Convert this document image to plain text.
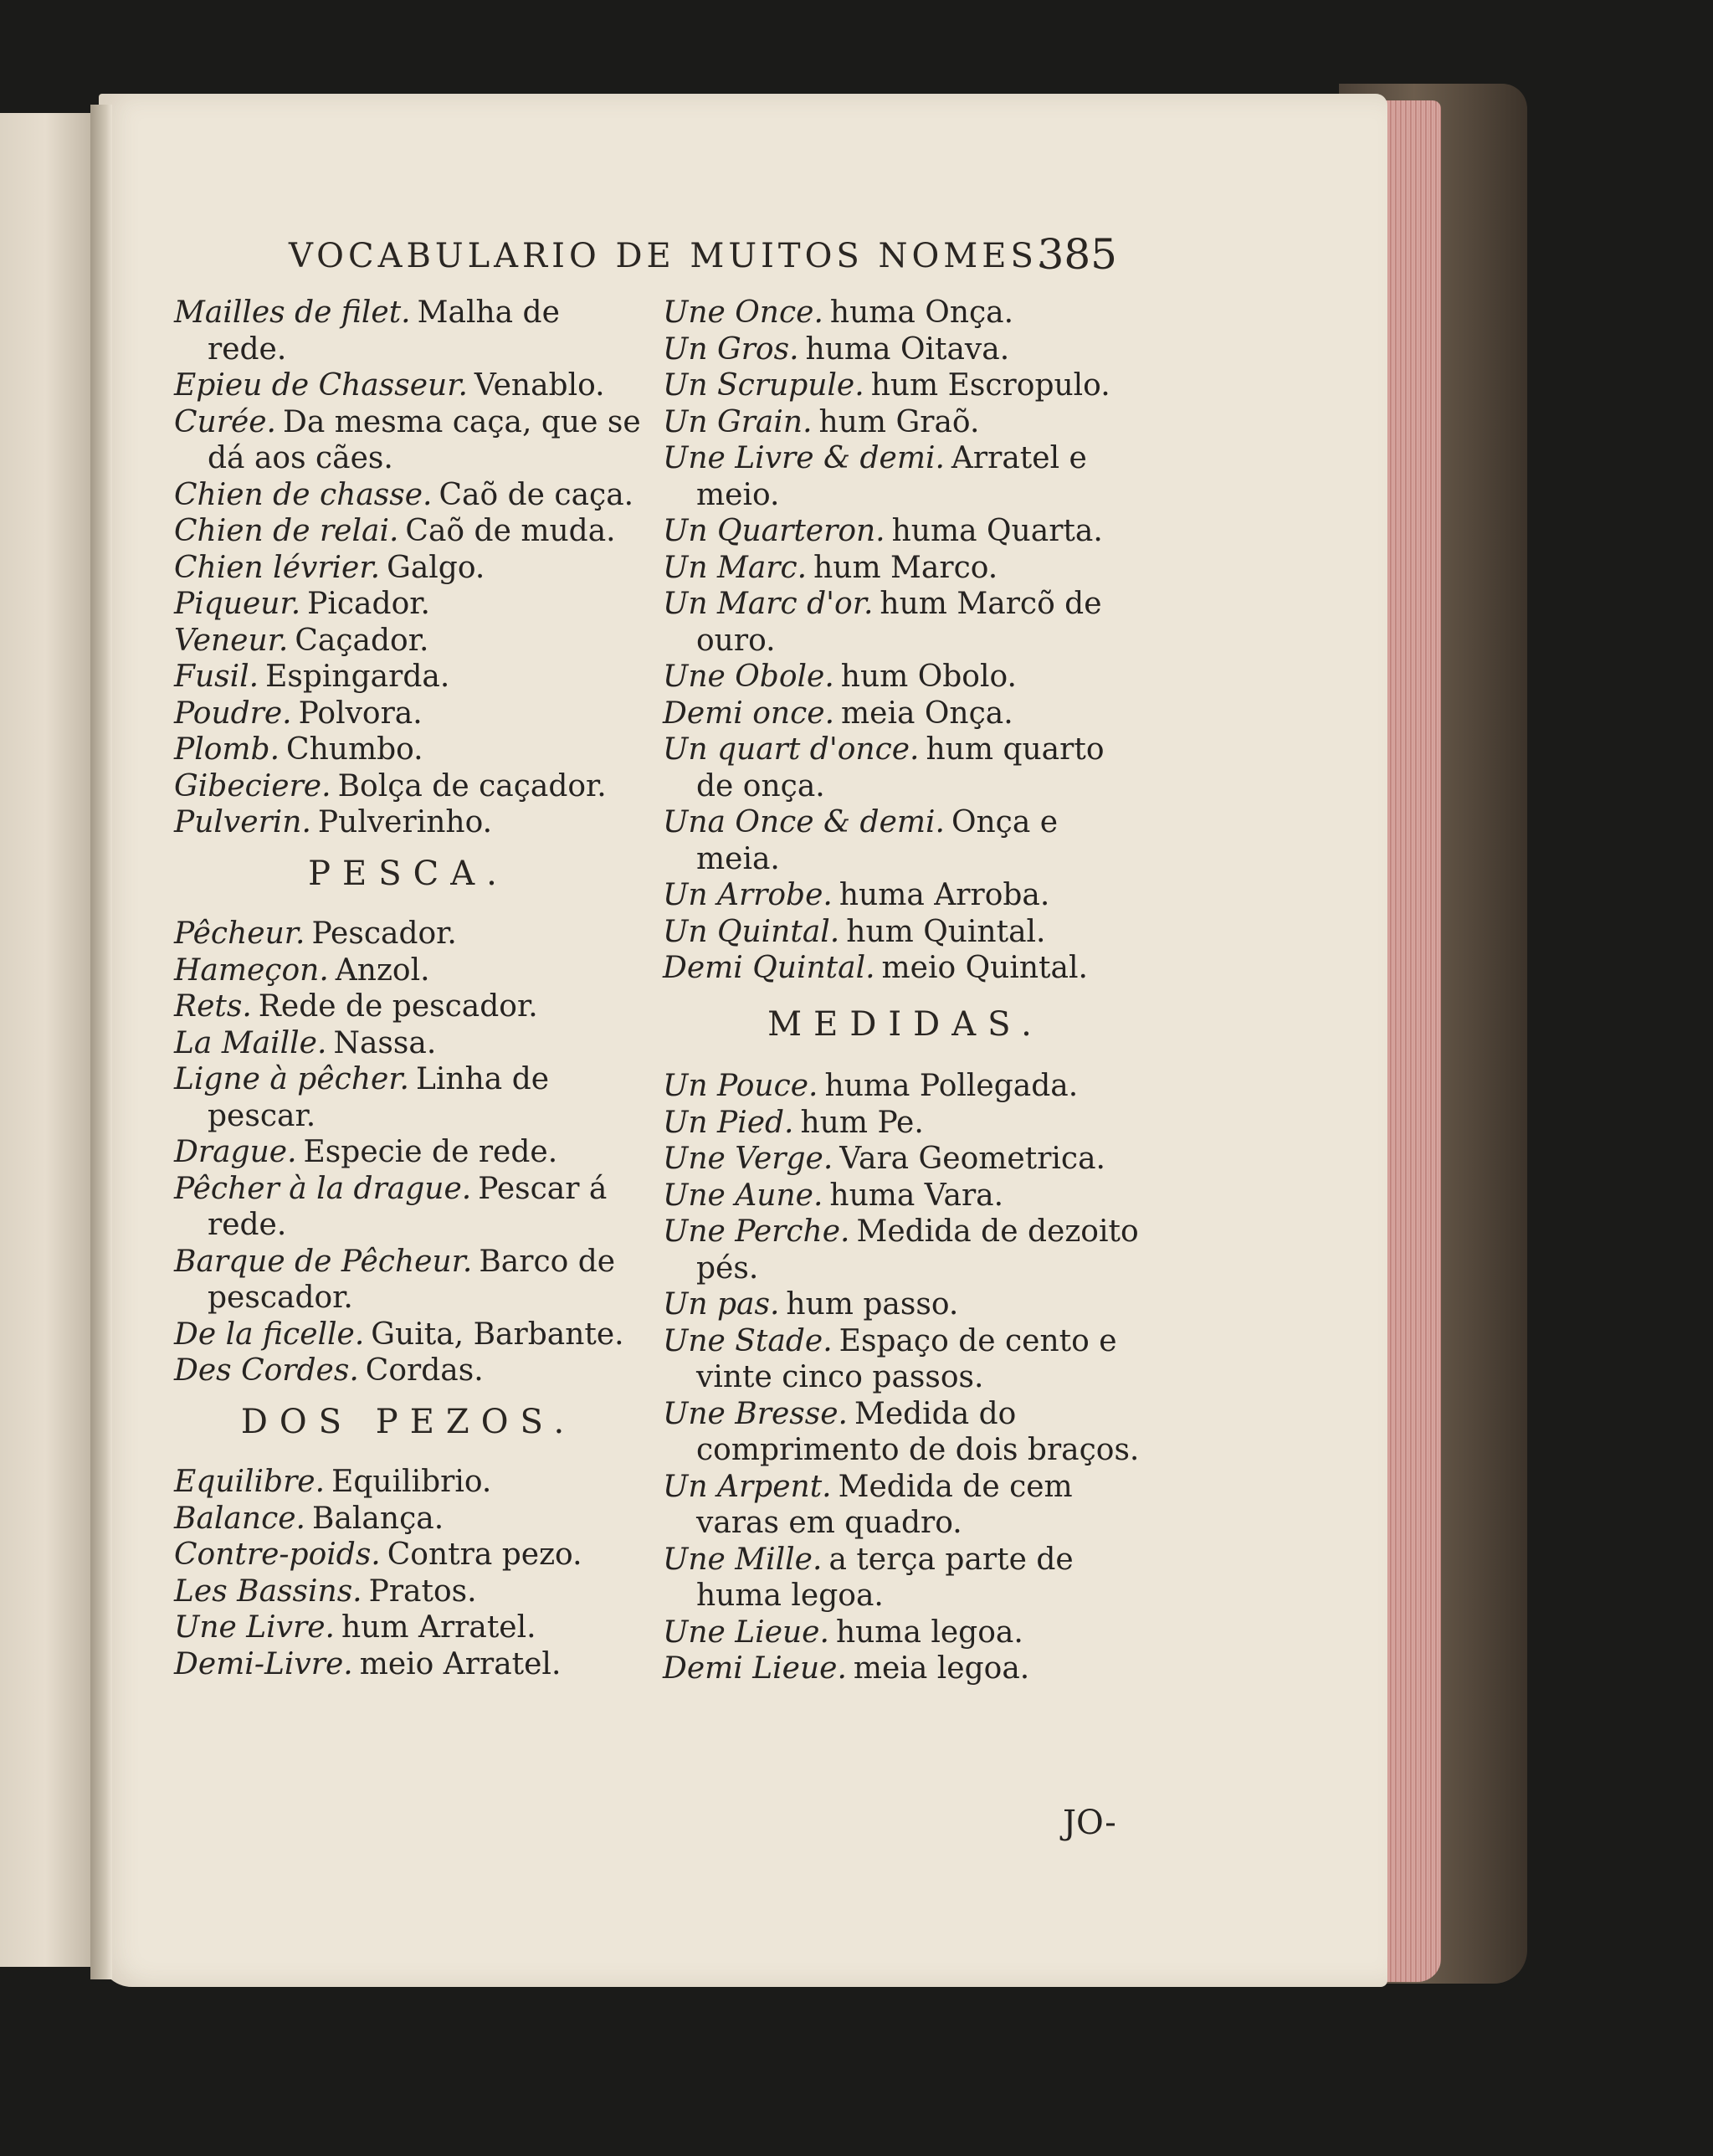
VOCABULARIO DE MUITOS NOMES.
385

Mailles de filet. Malha de rede.

Epieu de Chasseur. Venablo.

Curée. Da mesma caça, que se dá aos cães.

Chien de chasse. Caõ de caça.

Chien de relai. Caõ de muda.

Chien lévrier. Galgo.

Piqueur. Picador.

Veneur. Caçador.

Fusil. Espingarda.

Poudre. Polvora.

Plomb. Chumbo.

Gibeciere. Bolça de caçador.

Pulverin. Pulverinho.

PESCA.

Pêcheur. Pescador.

Hameçon. Anzol.

Rets. Rede de pescador.

La Maille. Nassa.

Ligne à pêcher. Linha de pescar.

Drague. Especie de rede.

Pêcher à la drague. Pescar á rede.

Barque de Pêcheur. Barco de pescador.

De la ficelle. Guita, Barbante.

Des Cordes. Cordas.

DOS PEZOS.

Equilibre. Equilibrio.

Balance. Balança.

Contre-poids. Contra pezo.

Les Bassins. Pratos.

Une Livre. hum Arratel.

Demi-Livre. meio Arratel.

Une Once. huma Onça.

Un Gros. huma Oitava.

Un Scrupule. hum Escropulo.

Un Grain. hum Graõ.

Une Livre & demi. Arratel e meio.

Un Quarteron. huma Quarta.

Un Marc. hum Marco.

Un Marc d'or. hum Marcõ de ouro.

Une Obole. hum Obolo.

Demi once. meia Onça.

Un quart d'once. hum quarto de onça.

Una Once & demi. Onça e meia.

Un Arrobe. huma Arroba.

Un Quintal. hum Quintal.

Demi Quintal. meio Quintal.

MEDIDAS.

Un Pouce. huma Pollegada.

Un Pied. hum Pe.

Une Verge. Vara Geometrica.

Une Aune. huma Vara.

Une Perche. Medida de dezoito pés.

Un pas. hum passo.

Une Stade. Espaço de cento e vinte cinco passos.

Une Bresse. Medida do comprimento de dois braços.

Un Arpent. Medida de cem varas em quadro.

Une Mille. a terça parte de huma legoa.

Une Lieue. huma legoa.

Demi Lieue. meia legoa.

JO-
